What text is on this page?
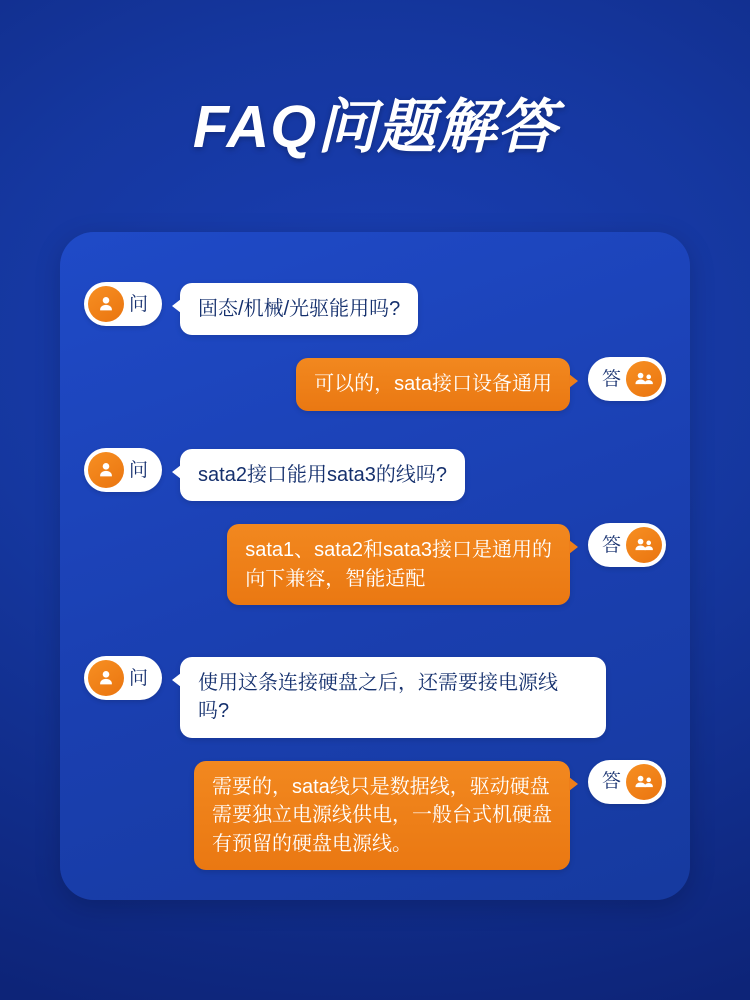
FAQ问题解答
问	固态/机械/光驱能用吗?
可以的，sata接口设备通用	答
问	sata2接口能用sata3的线吗?
sata1、sata2和sata3接口是通用的
向下兼容，智能适配
答
问	使用这条连接硬盘之后，还需要接电源线吗?
需要的，sata线只是数据线，驱动硬盘
需要独立电源线供电，一般台式机硬盘
有预留的硬盘电源线。
答
